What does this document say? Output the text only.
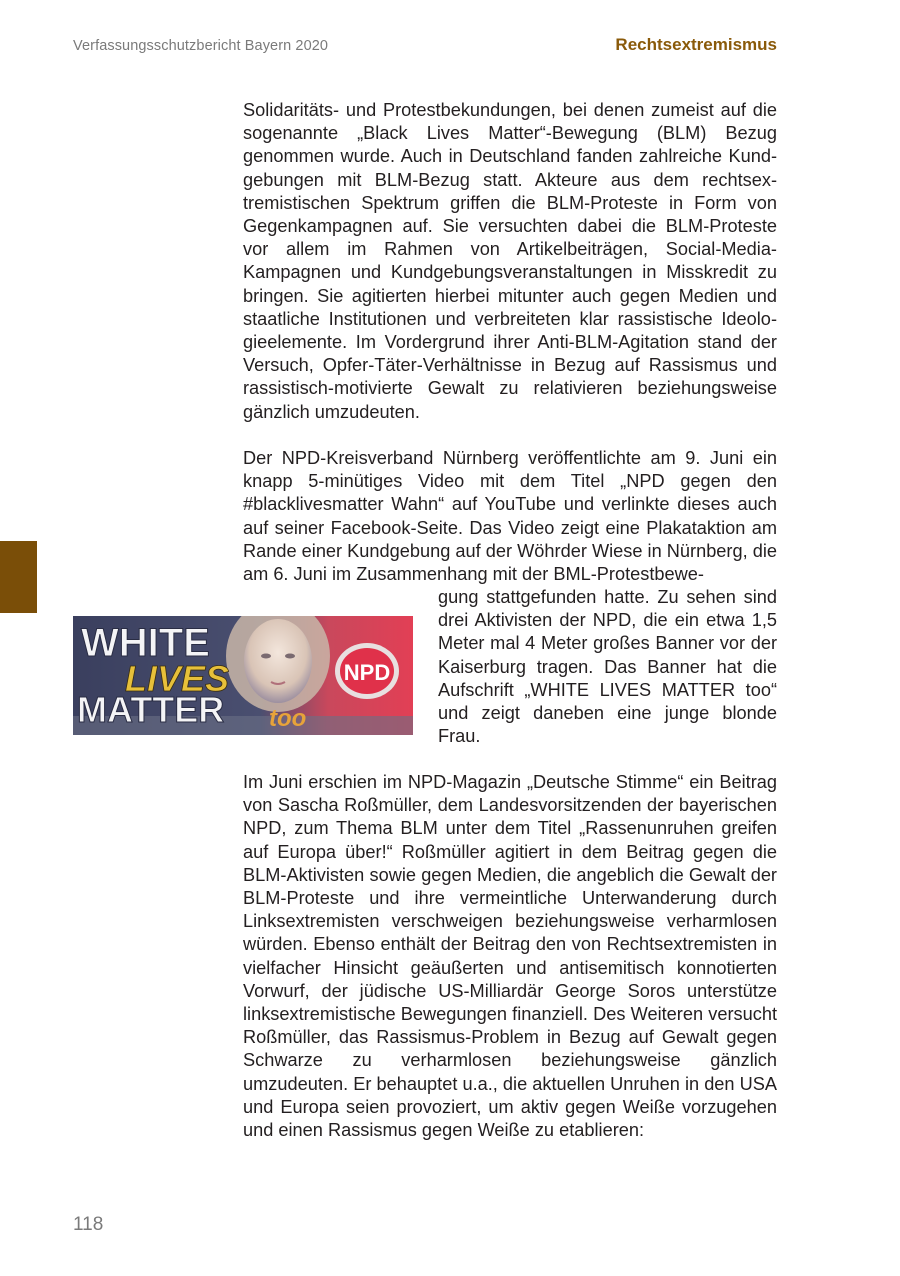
Verfassungsschutzbericht Bayern 2020	Rechtsextremismus

Solidaritäts- und Protestbekundungen, bei denen zumeist auf die sogenannte „Black Lives Matter“-Bewegung (BLM) Bezug genommen wurde. Auch in Deutschland fanden zahlreiche Kundgebungen mit BLM-Bezug statt. Akteure aus dem rechtsextremistischen Spektrum griffen die BLM-Proteste in Form von Gegenkampagnen auf. Sie versuchten dabei die BLM-Proteste vor allem im Rahmen von Artikelbeiträgen, Social-Media-Kampagnen und Kundgebungsveranstaltungen in Misskredit zu bringen. Sie agitierten hierbei mitunter auch gegen Medien und staatliche Institutionen und verbreiteten klar rassistische Ideologieelemente. Im Vordergrund ihrer Anti-BLM-Agitation stand der Versuch, Opfer-Täter-Verhältnisse in Bezug auf Rassismus und rassistisch-motivierte Gewalt zu relativieren beziehungsweise gänzlich umzudeuten.

Der NPD-Kreisverband Nürnberg veröffentlichte am 9. Juni ein knapp 5-minütiges Video mit dem Titel „NPD gegen den #blacklivesmatter Wahn“ auf YouTube und verlinkte dieses auch auf seiner Facebook-Seite. Das Video zeigt eine Plakataktion am Rande einer Kundgebung auf der Wöhrder Wiese in Nürnberg, die am 6. Juni im Zusammenhang mit der BML-Protestbewe-

NPD
WHITE
LIVES
MATTER too

gung stattgefunden hatte. Zu sehen sind drei Aktivisten der NPD, die ein etwa 1,5 Meter mal 4 Meter großes Banner vor der Kaiserburg tragen. Das Banner hat die Aufschrift „WHITE LIVES MATTER too“ und zeigt daneben eine junge blonde Frau.

Im Juni erschien im NPD-Magazin „Deutsche Stimme“ ein Beitrag von Sascha Roßmüller, dem Landesvorsitzenden der bayerischen NPD, zum Thema BLM unter dem Titel „Rassenunruhen greifen auf Europa über!“ Roßmüller agitiert in dem Beitrag gegen die BLM-Aktivisten sowie gegen Medien, die angeblich die Gewalt der BLM-Proteste und ihre vermeintliche Unterwanderung durch Linksextremisten verschweigen beziehungsweise verharmlosen würden. Ebenso enthält der Beitrag den von Rechtsextremisten in vielfacher Hinsicht geäußerten und antisemitisch konnotierten Vorwurf, der jüdische US-Milliardär George Soros unterstütze linksextremistische Bewegungen finanziell. Des Weiteren versucht Roßmüller, das Rassismus-Problem in Bezug auf Gewalt gegen Schwarze zu verharmlosen beziehungsweise gänzlich umzudeuten. Er behauptet u.a., die aktuellen Unruhen in den USA und Europa seien provoziert, um aktiv gegen Weiße vorzugehen und einen Rassismus gegen Weiße zu etablieren:

118
